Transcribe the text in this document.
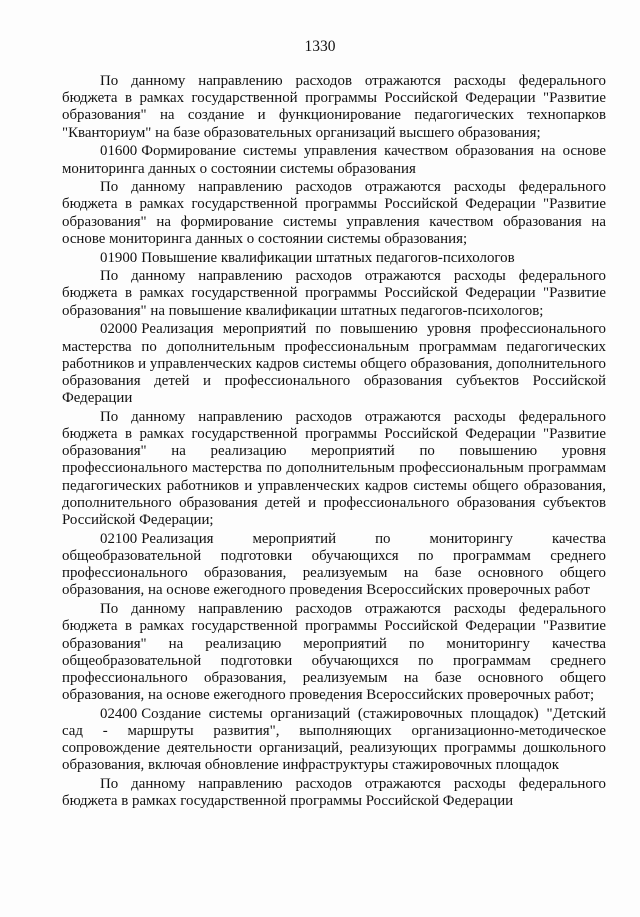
1330

По данному направлению расходов отражаются расходы федерального бюджета в рамках государственной программы Российской Федерации "Развитие образования" на создание и функционирование педагогических технопарков "Кванториум" на базе образовательных организаций высшего образования;

01600 Формирование системы управления качеством образования на основе мониторинга данных о состоянии системы образования

По данному направлению расходов отражаются расходы федерального бюджета в рамках государственной программы Российской Федерации "Развитие образования" на формирование системы управления качеством образования на основе мониторинга данных о состоянии системы образования;

01900 Повышение квалификации штатных педагогов-психологов

По данному направлению расходов отражаются расходы федерального бюджета в рамках государственной программы Российской Федерации "Развитие образования" на повышение квалификации штатных педагогов-психологов;

02000 Реализация мероприятий по повышению уровня профессионального мастерства по дополнительным профессиональным программам педагогических работников и управленческих кадров системы общего образования, дополнительного образования детей и профессионального образования субъектов Российской Федерации

По данному направлению расходов отражаются расходы федерального бюджета в рамках государственной программы Российской Федерации "Развитие образования" на реализацию мероприятий по повышению уровня профессионального мастерства по дополнительным профессиональным программам педагогических работников и управленческих кадров системы общего образования, дополнительного образования детей и профессионального образования субъектов Российской Федерации;

02100 Реализация мероприятий по мониторингу качества общеобразовательной подготовки обучающихся по программам среднего профессионального образования, реализуемым на базе основного общего образования, на основе ежегодного проведения Всероссийских проверочных работ

По данному направлению расходов отражаются расходы федерального бюджета в рамках государственной программы Российской Федерации "Развитие образования" на реализацию мероприятий по мониторингу качества общеобразовательной подготовки обучающихся по программам среднего профессионального образования, реализуемым на базе основного общего образования, на основе ежегодного проведения Всероссийских проверочных работ;

02400 Создание системы организаций (стажировочных площадок) "Детский сад - маршруты развития", выполняющих организационно-методическое сопровождение деятельности организаций, реализующих программы дошкольного образования, включая обновление инфраструктуры стажировочных площадок

По данному направлению расходов отражаются расходы федерального бюджета в рамках государственной программы Российской Федерации
